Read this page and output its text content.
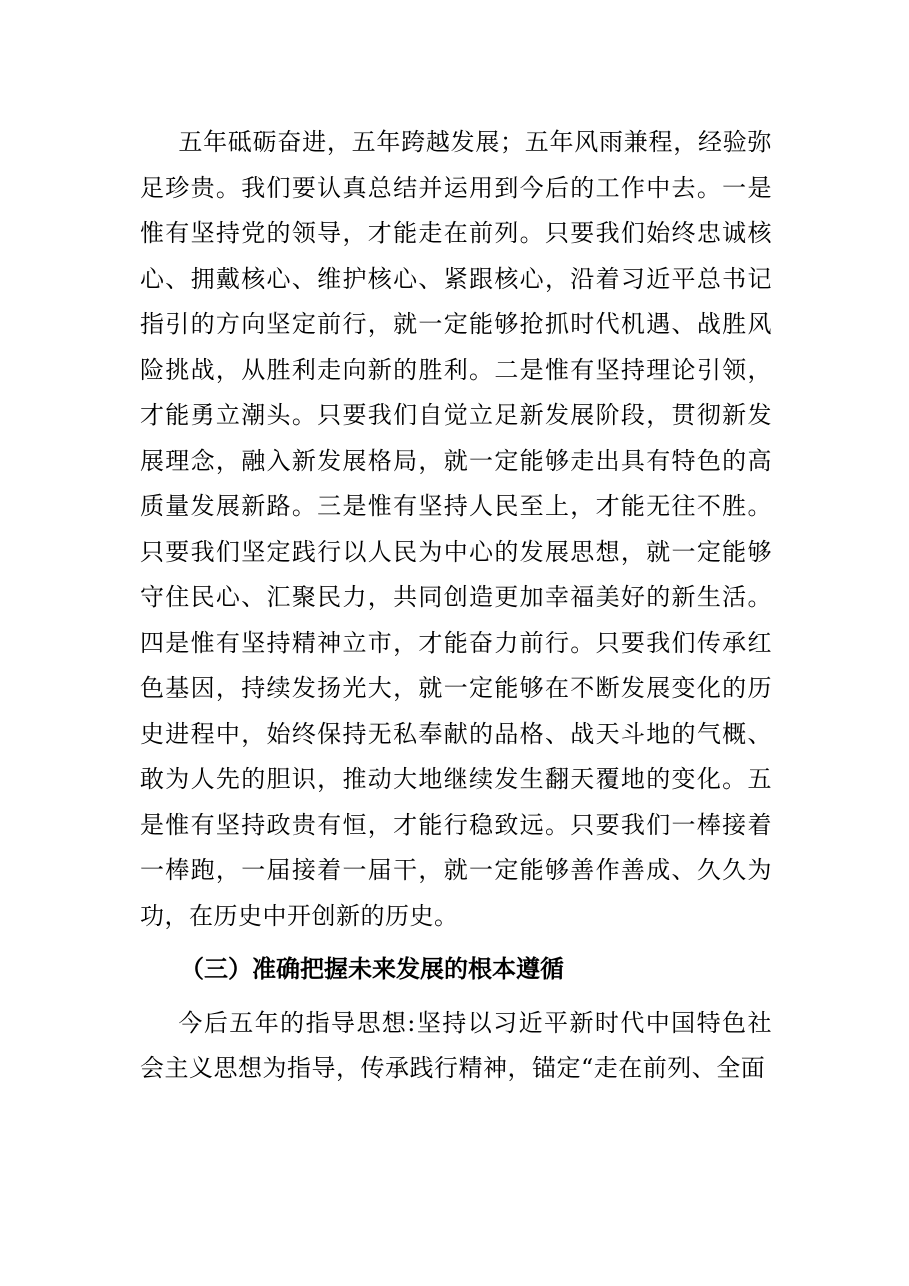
五年砥砺奋进，五年跨越发展；五年风雨兼程，经验弥足珍贵。我们要认真总结并运用到今后的工作中去。一是惟有坚持党的领导，才能走在前列。只要我们始终忠诚核心、拥戴核心、维护核心、紧跟核心，沿着习近平总书记指引的方向坚定前行，就一定能够抢抓时代机遇、战胜风险挑战，从胜利走向新的胜利。二是惟有坚持理论引领，才能勇立潮头。只要我们自觉立足新发展阶段，贯彻新发展理念，融入新发展格局，就一定能够走出具有特色的高质量发展新路。三是惟有坚持人民至上，才能无往不胜。只要我们坚定践行以人民为中心的发展思想，就一定能够守住民心、汇聚民力，共同创造更加幸福美好的新生活。四是惟有坚持精神立市，才能奋力前行。只要我们传承红色基因，持续发扬光大，就一定能够在不断发展变化的历史进程中，始终保持无私奉献的品格、战天斗地的气概、敢为人先的胆识，推动大地继续发生翻天覆地的变化。五是惟有坚持政贵有恒，才能行稳致远。只要我们一棒接着一棒跑，一届接着一届干，就一定能够善作善成、久久为功，在历史中开创新的历史。

（三）准确把握未来发展的根本遵循

今后五年的指导思想:坚持以习近平新时代中国特色社会主义思想为指导，传承践行精神，锚定“走在前列、全面
